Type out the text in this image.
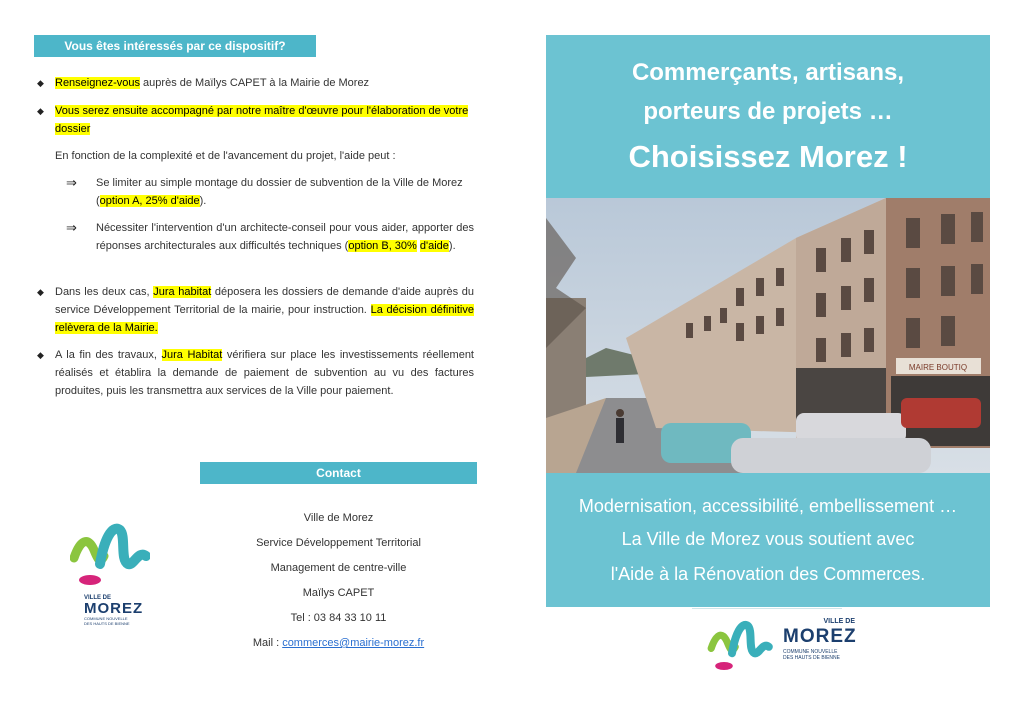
Vous êtes intéressés par ce dispositif?
◆ Renseignez-vous auprès de Maïlys CAPET à la Mairie de Morez
◆ Vous serez ensuite accompagné par notre maître d'œuvre pour l'élaboration de votre
dossier
En fonction de la complexité et de l'avancement du projet, l'aide peut :
⇒ Se limiter au simple montage du dossier de subvention de la Ville de Morez
(option A, 25% d'aide).
⇒ Nécessiter l'intervention d'un architecte-conseil pour vous aider, apporter des réponses architecturales aux difficultés techniques (option B, 30% d'aide).
◆ Dans les deux cas, Jura habitat déposera les dossiers de demande d'aide auprès du service Développement Territorial de la mairie, pour instruction. La décision définitive relèvera de la Mairie.
◆ A la fin des travaux, Jura Habitat vérifiera sur place les investissements réellement réalisés et établira la demande de paiement de subvention au vu des factures produites, puis les transmettra aux services de la Ville pour paiement.
Contact
Ville de Morez
Service Développement Territorial
Management de centre-ville
Maïlys CAPET
Tel : 03 84 33 10 11
Mail : commerces@mairie-morez.fr
VILLE DE
MOREZ
COMMUNE NOUVELLE
DES HAUTS DE BIENNE
Commerçants, artisans,
porteurs de projets …
Choisissez Morez !
MAIRE BOUTIQ
Modernisation, accessibilité, embellissement …
La Ville de Morez vous soutient avec
l'Aide à la Rénovation des Commerces.
VILLE DE
MOREZ
COMMUNE NOUVELLE
DES HAUTS DE BIENNE
